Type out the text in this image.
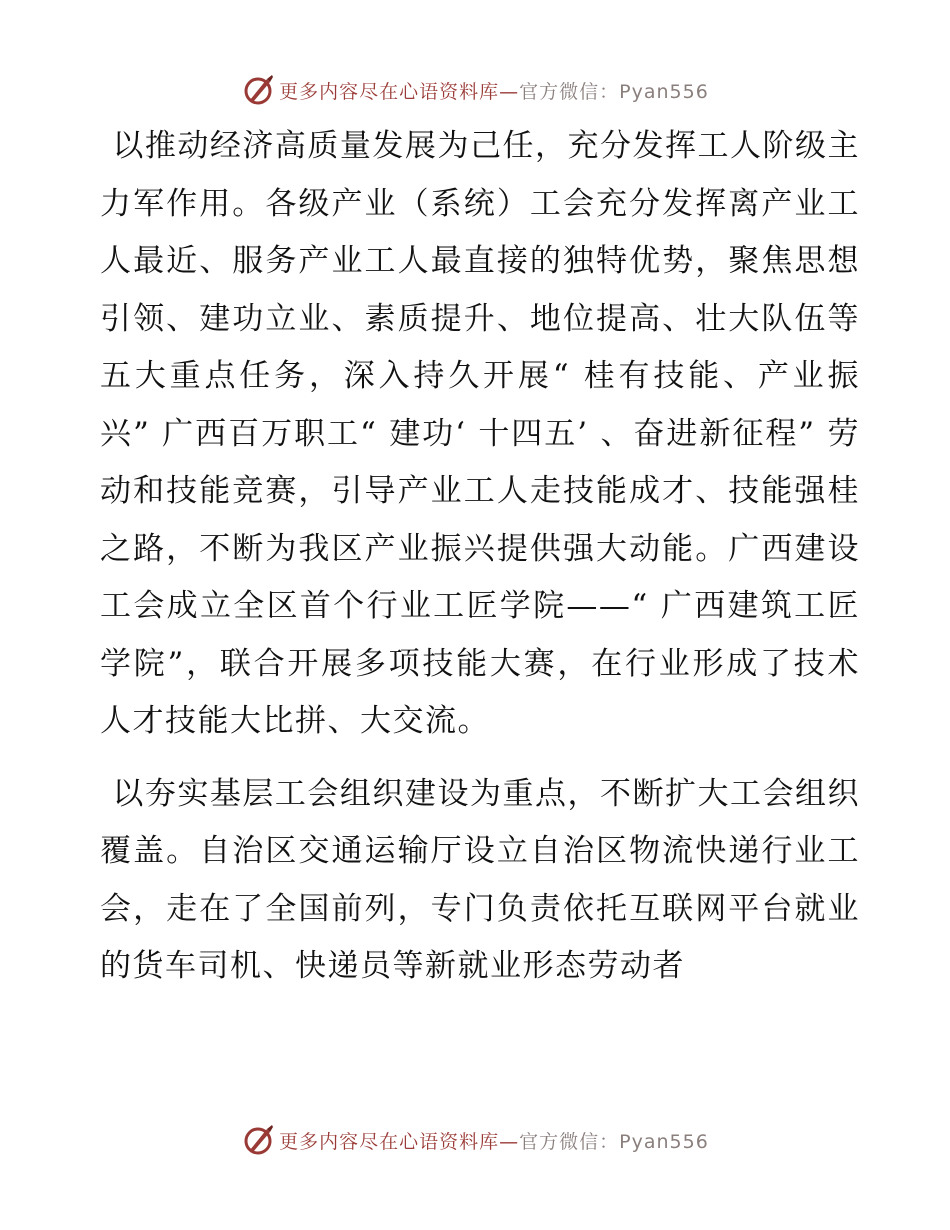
更多内容尽在心语资料库—官方微信：Pyan556

以推动经济高质量发展为己任，充分发挥工人阶级主力军作用。各级产业（系统）工会充分发挥离产业工人最近、服务产业工人最直接的独特优势，聚焦思想引领、建功立业、素质提升、地位提高、壮大队伍等五大重点任务，深入持久开展“ 桂有技能、产业振兴” 广西百万职工“ 建功‘ 十四五’ 、奋进新征程” 劳动和技能竞赛，引导产业工人走技能成才、技能强桂之路，不断为我区产业振兴提供强大动能。广西建设工会成立全区首个行业工匠学院——“ 广西建筑工匠学院”，联合开展多项技能大赛，在行业形成了技术人才技能大比拼、大交流。

以夯实基层工会组织建设为重点，不断扩大工会组织覆盖。自治区交通运输厅设立自治区物流快递行业工会，走在了全国前列，专门负责依托互联网平台就业的货车司机、快递员等新就业形态劳动者

更多内容尽在心语资料库—官方微信：Pyan556
